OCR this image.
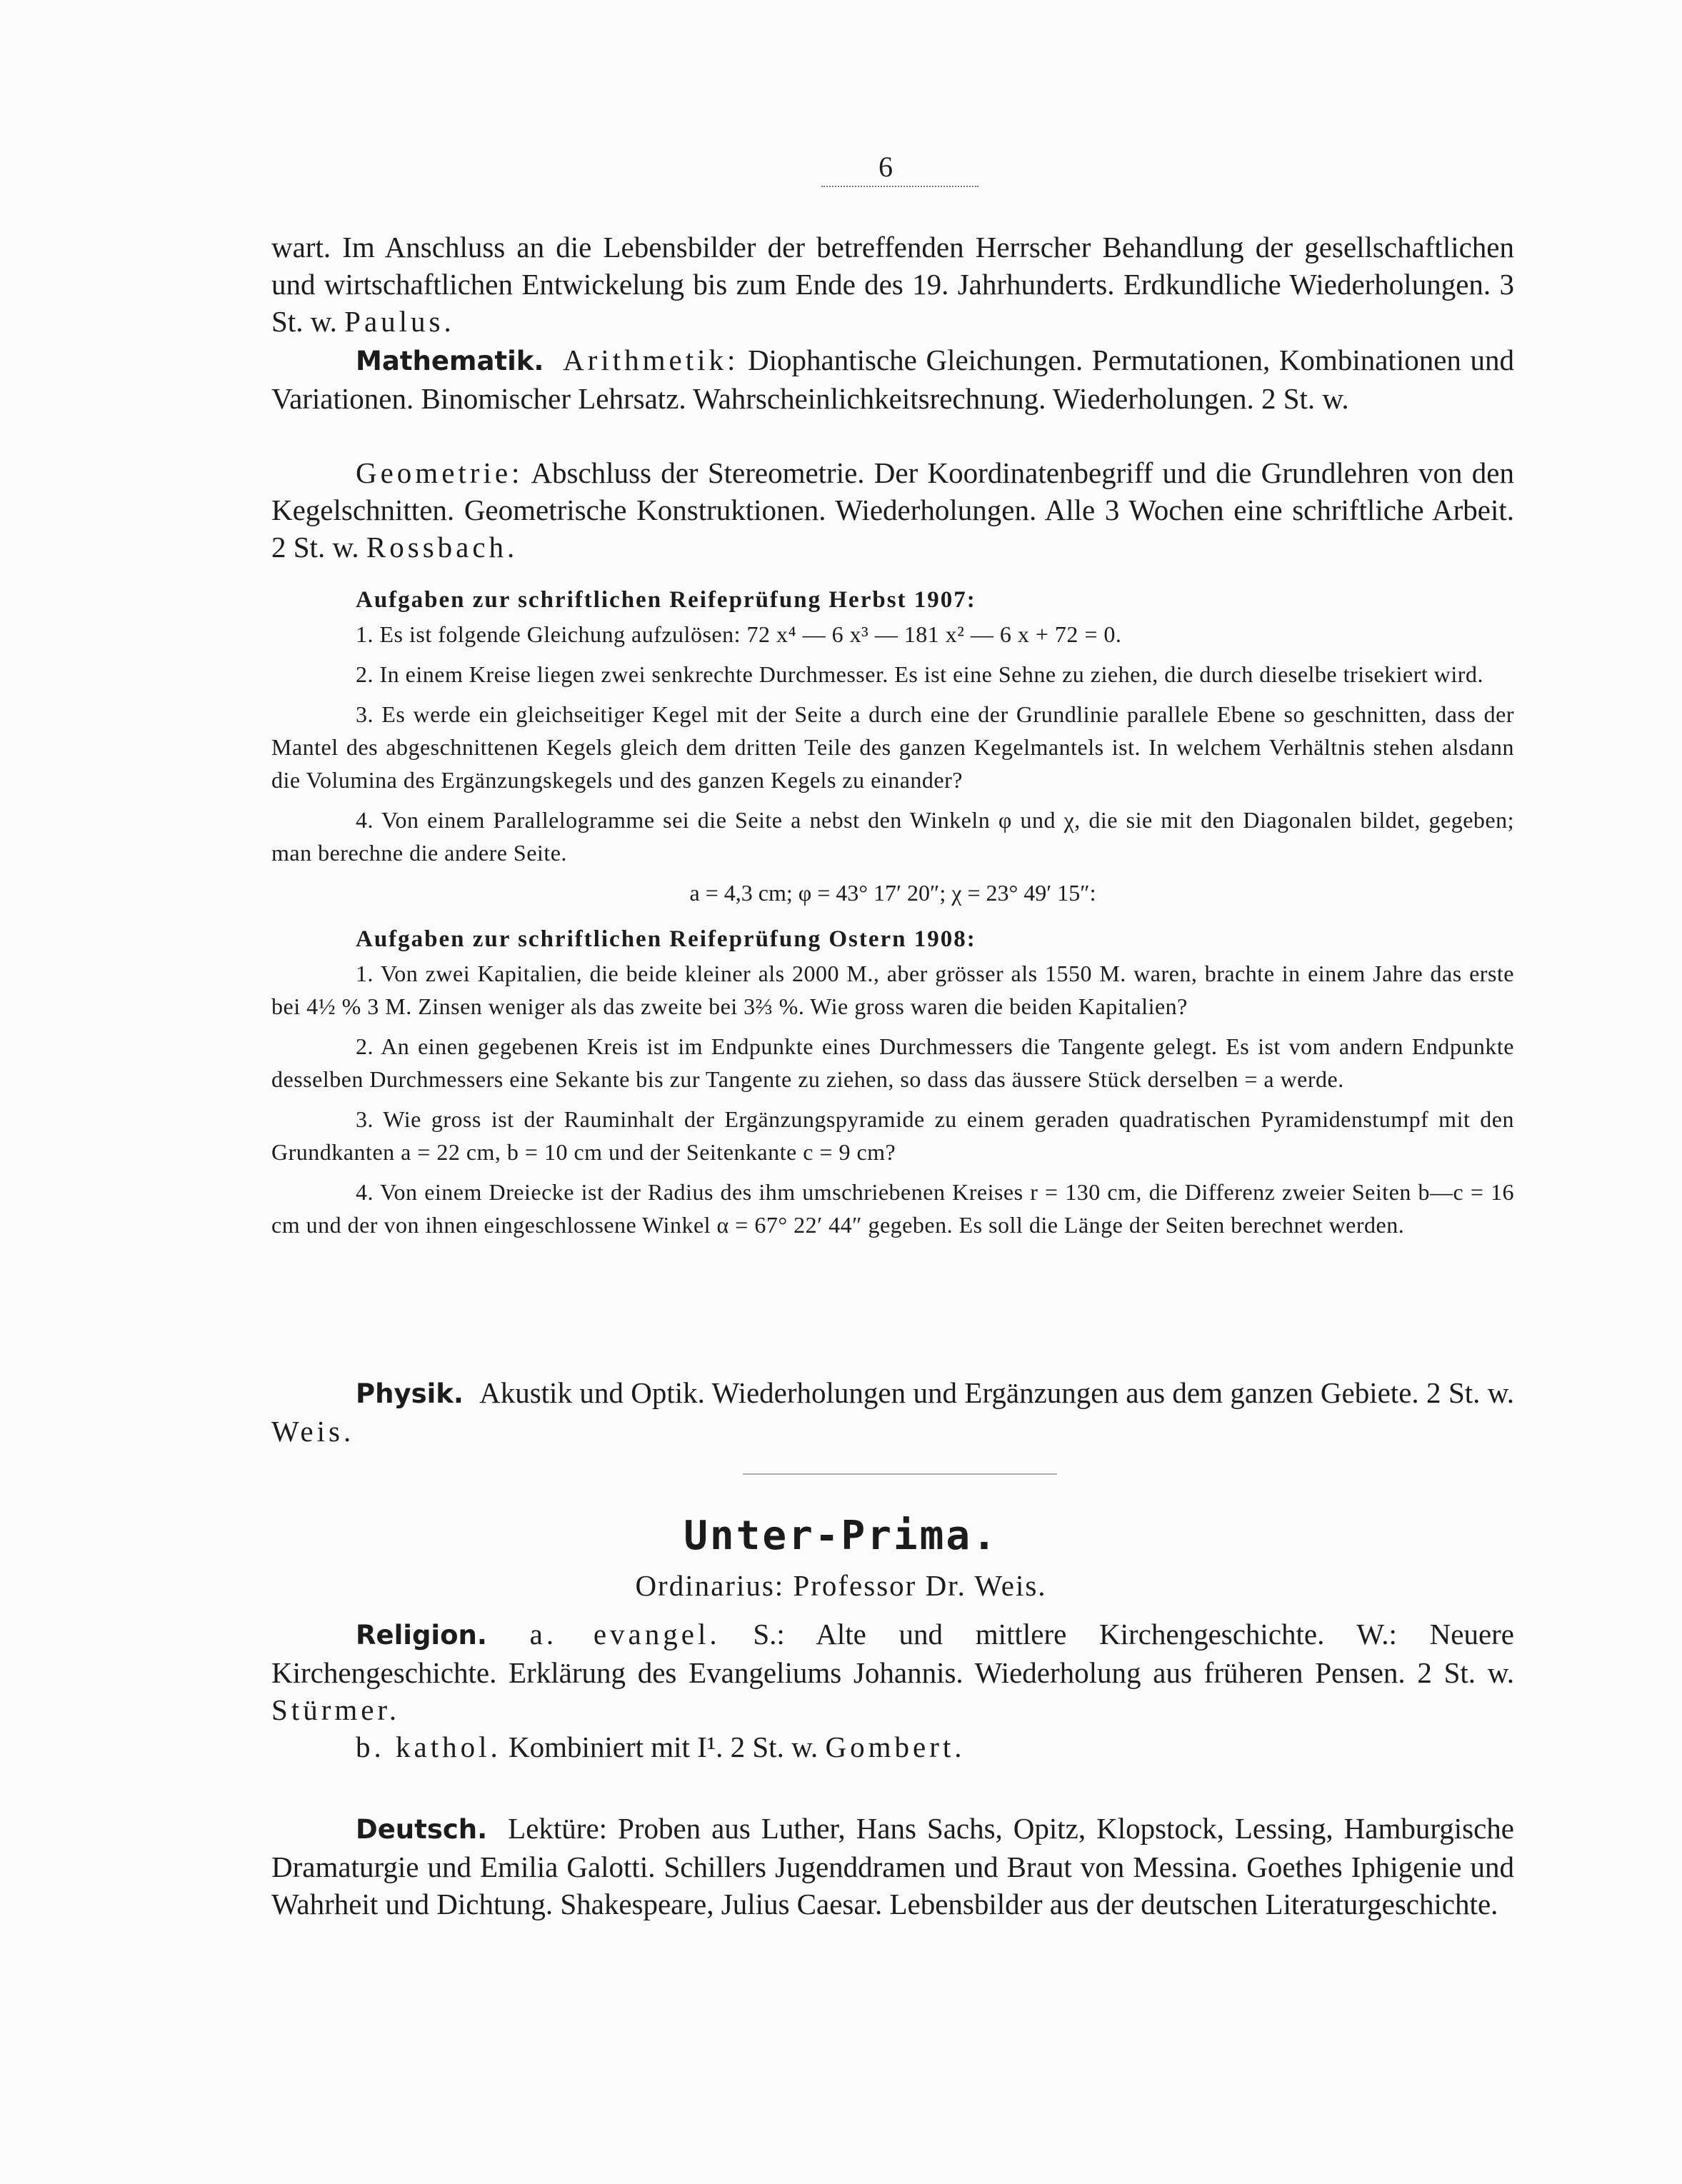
6

wart. Im Anschluss an die Lebensbilder der betreffenden Herrscher Behandlung der gesellschaftlichen und wirtschaftlichen Entwickelung bis zum Ende des 19. Jahrhunderts. Erdkundliche Wiederholungen. 3 St. w. Paulus.

Mathematik. Arithmetik: Diophantische Gleichungen. Permutationen, Kombinationen und Variationen. Binomischer Lehrsatz. Wahrscheinlichkeitsrechnung. Wiederholungen. 2 St. w.

Geometrie: Abschluss der Stereometrie. Der Koordinatenbegriff und die Grundlehren von den Kegelschnitten. Geometrische Konstruktionen. Wiederholungen. Alle 3 Wochen eine schriftliche Arbeit. 2 St. w. Rossbach.

Aufgaben zur schriftlichen Reifeprüfung Herbst 1907:

1. Es ist folgende Gleichung aufzulösen: 72 x⁴ — 6 x³ — 181 x² — 6 x + 72 = 0.

2. In einem Kreise liegen zwei senkrechte Durchmesser. Es ist eine Sehne zu ziehen, die durch dieselbe trisekiert wird.

3. Es werde ein gleichseitiger Kegel mit der Seite a durch eine der Grundlinie parallele Ebene so geschnitten, dass der Mantel des abgeschnittenen Kegels gleich dem dritten Teile des ganzen Kegelmantels ist. In welchem Verhältnis stehen alsdann die Volumina des Ergänzungskegels und des ganzen Kegels zu einander?

4. Von einem Parallelogramme sei die Seite a nebst den Winkeln φ und χ, die sie mit den Diagonalen bildet, gegeben; man berechne die andere Seite.

a = 4,3 cm; φ = 43° 17′ 20″; χ = 23° 49′ 15″:

Aufgaben zur schriftlichen Reifeprüfung Ostern 1908:

1. Von zwei Kapitalien, die beide kleiner als 2000 M., aber grösser als 1550 M. waren, brachte in einem Jahre das erste bei 4½ % 3 M. Zinsen weniger als das zweite bei 3⅔ %. Wie gross waren die beiden Kapitalien?

2. An einen gegebenen Kreis ist im Endpunkte eines Durchmessers die Tangente gelegt. Es ist vom andern Endpunkte desselben Durchmessers eine Sekante bis zur Tangente zu ziehen, so dass das äussere Stück derselben = a werde.

3. Wie gross ist der Rauminhalt der Ergänzungspyramide zu einem geraden quadratischen Pyramidenstumpf mit den Grundkanten a = 22 cm, b = 10 cm und der Seitenkante c = 9 cm?

4. Von einem Dreiecke ist der Radius des ihm umschriebenen Kreises r = 130 cm, die Differenz zweier Seiten b—c = 16 cm und der von ihnen eingeschlossene Winkel α = 67° 22′ 44″ gegeben. Es soll die Länge der Seiten berechnet werden.

Physik. Akustik und Optik. Wiederholungen und Ergänzungen aus dem ganzen Gebiete. 2 St. w. Weis.

Unter-Prima.

Ordinarius: Professor Dr. Weis.

Religion. a. evangel. S.: Alte und mittlere Kirchengeschichte. W.: Neuere Kirchengeschichte. Erklärung des Evangeliums Johannis. Wiederholung aus früheren Pensen. 2 St. w. Stürmer.

b. kathol. Kombiniert mit I¹. 2 St. w. Gombert.

Deutsch. Lektüre: Proben aus Luther, Hans Sachs, Opitz, Klopstock, Lessing, Hamburgische Dramaturgie und Emilia Galotti. Schillers Jugenddramen und Braut von Messina. Goethes Iphigenie und Wahrheit und Dichtung. Shakespeare, Julius Caesar. Lebensbilder aus der deutschen Literaturgeschichte.
